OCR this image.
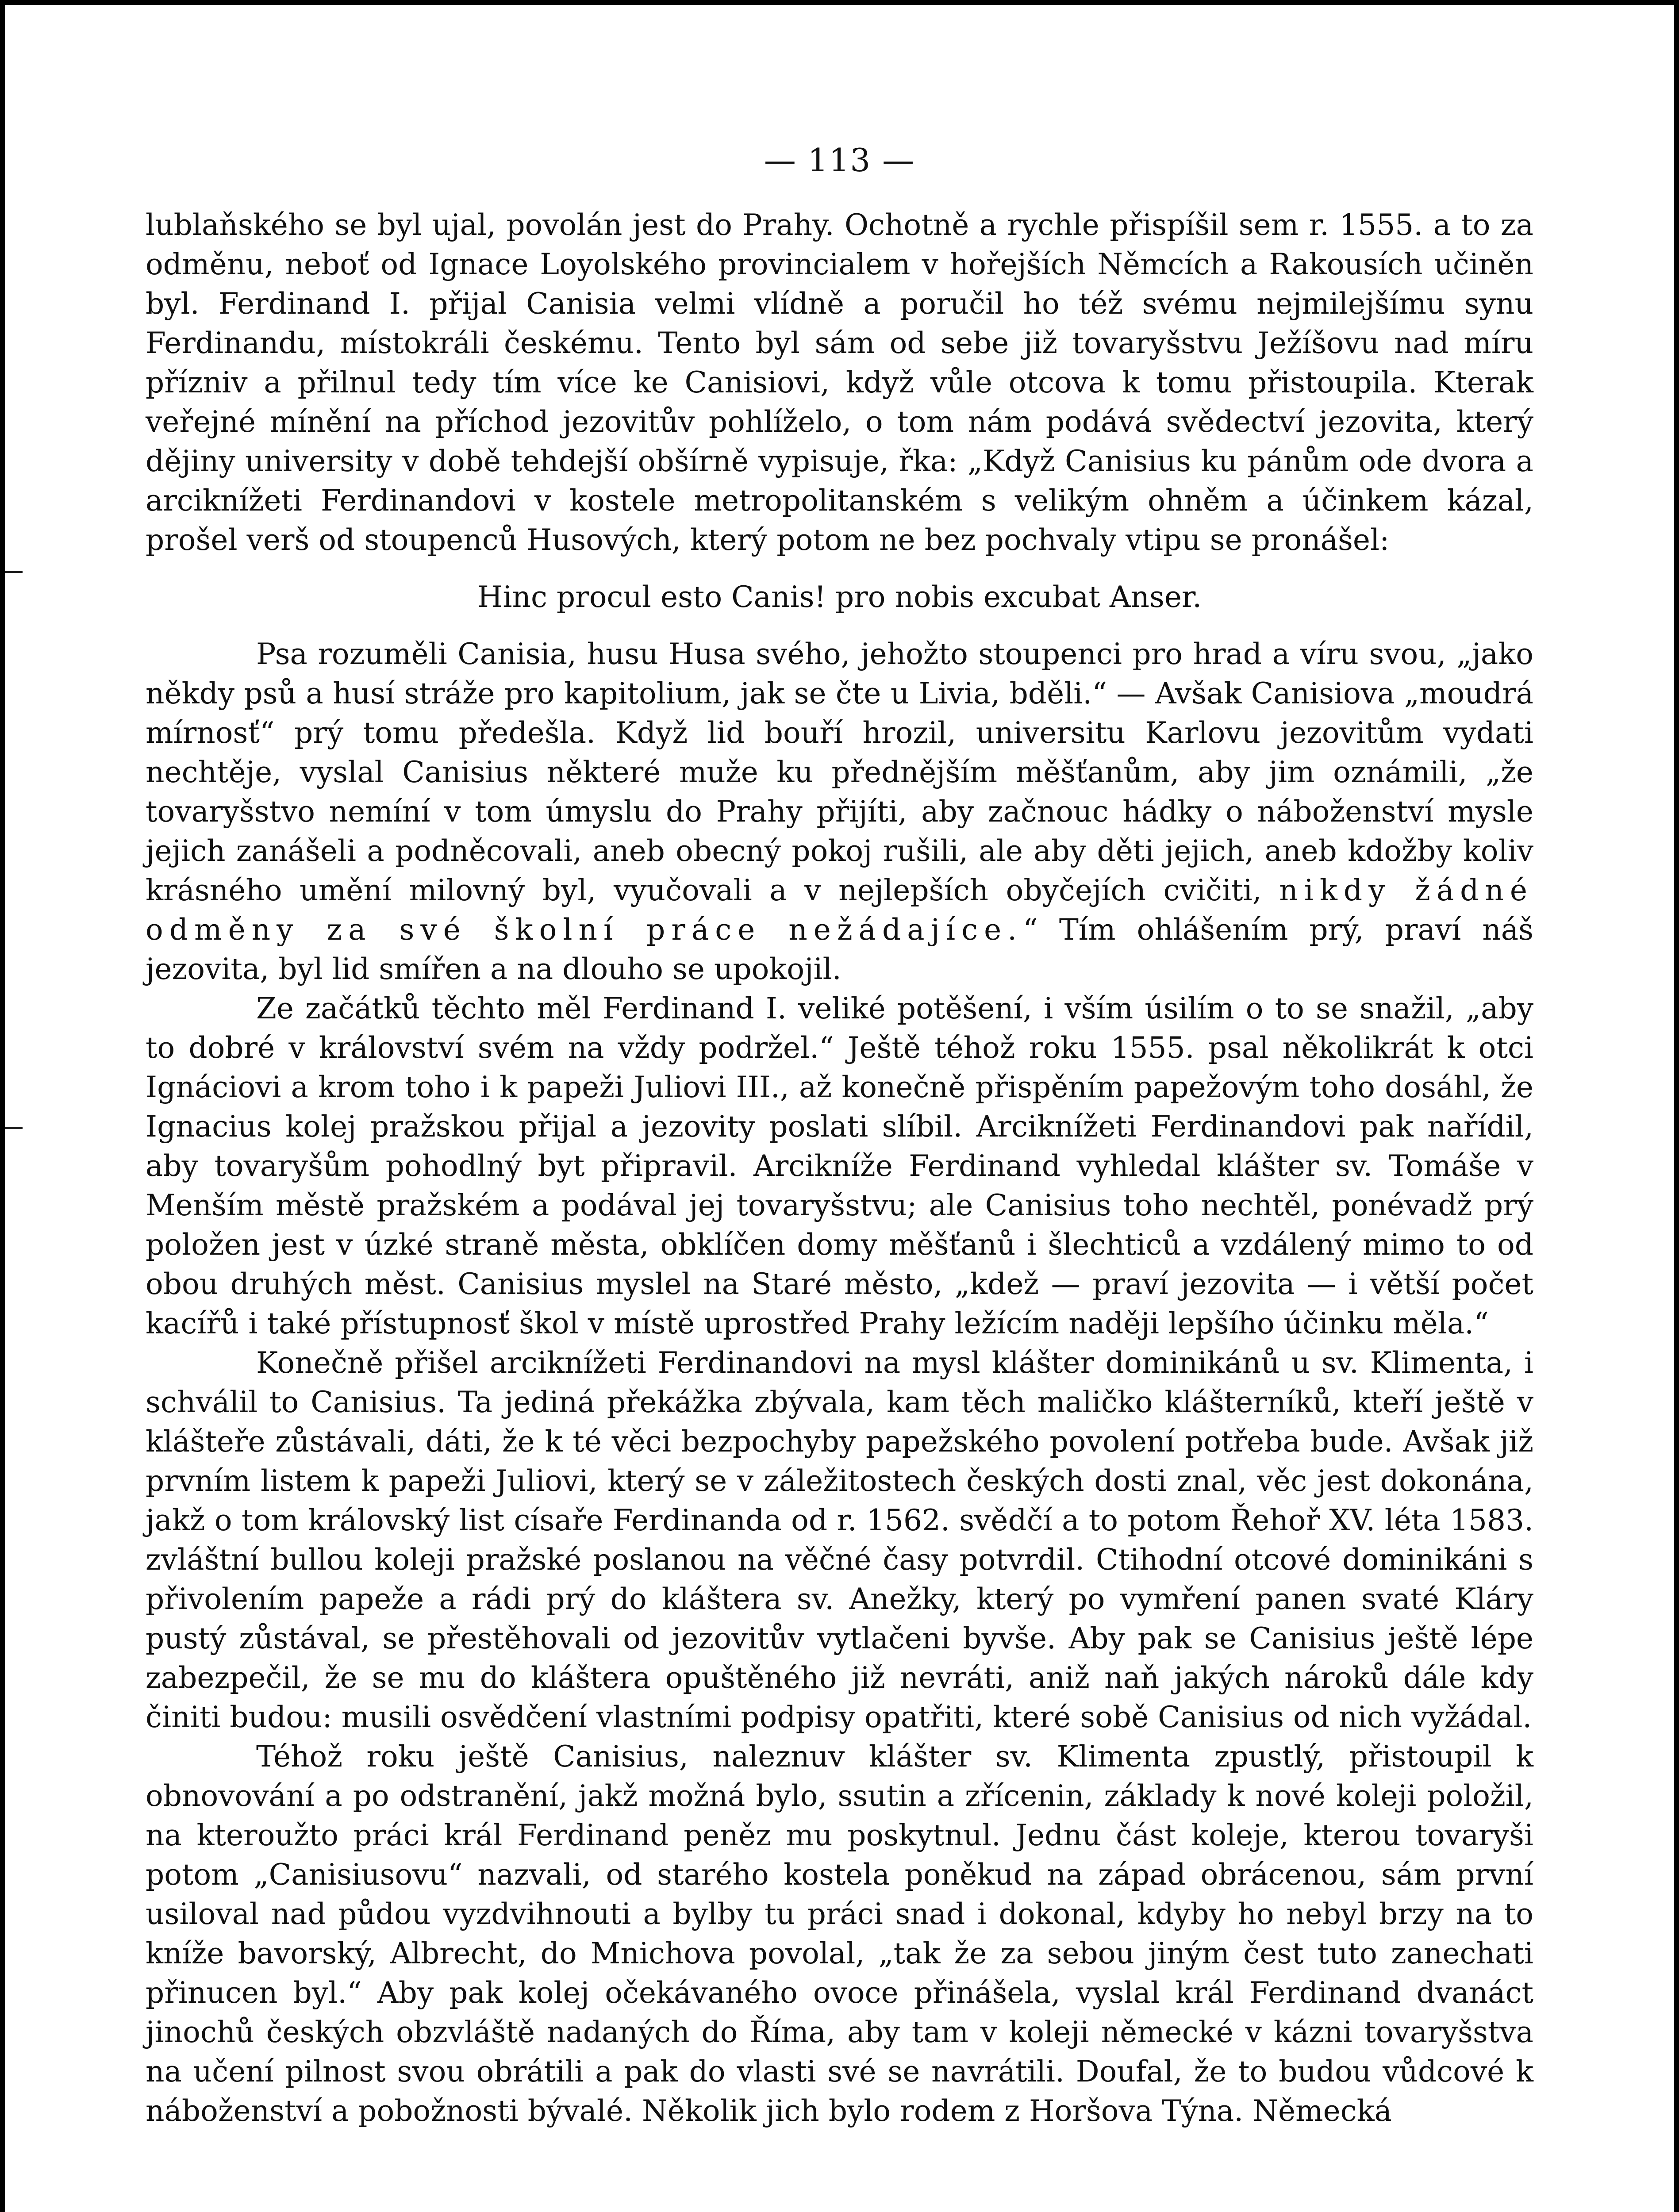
— 113 —

lublaňského se byl ujal, povolán jest do Prahy. Ochotně a rychle přispíšil sem r. 1555. a to za odměnu, neboť od Ignace Loyolského provincialem v hořejších Němcích a Rakousích učiněn byl. Ferdinand I. přijal Canisia velmi vlídně a poručil ho též svému nejmilejšímu synu Ferdinandu, místokráli českému. Tento byl sám od sebe již tovaryšstvu Ježíšovu nad míru přízniv a přilnul tedy tím více ke Canisiovi, když vůle otcova k tomu přistoupila. Kterak veřejné mínění na příchod jezovitův pohlíželo, o tom nám podává svědectví jezovita, který dějiny university v době tehdejší obšírně vypisuje, řka: „Když Canisius ku pánům ode dvora a arciknížeti Ferdinandovi v kostele metropolitanském s velikým ohněm a účinkem kázal, prošel verš od stoupenců Husových, který potom ne bez pochvaly vtipu se pronášel:

Hinc procul esto Canis! pro nobis excubat Anser.

Psa rozuměli Canisia, husu Husa svého, jehožto stoupenci pro hrad a víru svou, „jako někdy psů a husí stráže pro kapitolium, jak se čte u Livia, bděli.“ — Avšak Canisiova „moudrá mírnosť“ prý tomu předešla. Když lid bouří hrozil, universitu Karlovu jezovitům vydati nechtěje, vyslal Canisius některé muže ku přednějším měšťanům, aby jim oznámili, „že tovaryšstvo nemíní v tom úmyslu do Prahy přijíti, aby začnouc hádky o náboženství mysle jejich zanášeli a podněcovali, aneb obecný pokoj rušili, ale aby děti jejich, aneb kdožby koliv krásného umění milovný byl, vyučovali a v nejlepších obyčejích cvičiti, nikdy žádné odměny za své školní práce nežádajíce.“ Tím ohlášením prý, praví náš jezovita, byl lid smířen a na dlouho se upokojil.

Ze začátků těchto měl Ferdinand I. veliké potěšení, i vším úsilím o to se snažil, „aby to dobré v království svém na vždy podržel.“ Ještě téhož roku 1555. psal několikrát k otci Ignáciovi a krom toho i k papeži Juliovi III., až konečně přispěním papežovým toho dosáhl, že Ignacius kolej pražskou přijal a jezovity poslati slíbil. Arciknížeti Ferdinandovi pak nařídil, aby tovaryšům pohodlný byt připravil. Arcikníže Ferdinand vyhledal klášter sv. Tomáše v Menším městě pražském a podával jej tovaryšstvu; ale Canisius toho nechtěl, ponévadž prý položen jest v úzké straně města, obklíčen domy měšťanů i šlechticů a vzdálený mimo to od obou druhých měst. Canisius myslel na Staré město, „kdež — praví jezovita — i větší počet kacířů i také přístupnosť škol v místě uprostřed Prahy ležícím naději lepšího účinku měla.“

Konečně přišel arciknížeti Ferdinandovi na mysl klášter dominikánů u sv. Klimenta, i schválil to Canisius. Ta jediná překážka zbývala, kam těch maličko klášterníků, kteří ještě v klášteře zůstávali, dáti, že k té věci bezpochyby papežského povolení potřeba bude. Avšak již prvním listem k papeži Juliovi, který se v záležitostech českých dosti znal, věc jest dokonána, jakž o tom královský list císaře Ferdinanda od r. 1562. svědčí a to potom Řehoř XV. léta 1583. zvláštní bullou koleji pražské poslanou na věčné časy potvrdil. Ctihodní otcové dominikáni s přivolením papeže a rádi prý do kláštera sv. Anežky, který po vymření panen svaté Kláry pustý zůstával, se přestěhovali od jezovitův vytlačeni byvše. Aby pak se Canisius ještě lépe zabezpečil, že se mu do kláštera opuštěného již nevráti, aniž naň jakých nároků dále kdy činiti budou: musili osvědčení vlastními podpisy opatřiti, které sobě Canisius od nich vyžádal.

Téhož roku ještě Canisius, naleznuv klášter sv. Klimenta zpustlý, přistoupil k obnovování a po odstranění, jakž možná bylo, ssutin a zřícenin, základy k nové koleji položil, na kteroužto práci král Ferdinand peněz mu poskytnul. Jednu část koleje, kterou tovaryši potom „Canisiusovu“ nazvali, od starého kostela poněkud na západ obrácenou, sám první usiloval nad půdou vyzdvihnouti a bylby tu práci snad i dokonal, kdyby ho nebyl brzy na to kníže bavorský, Albrecht, do Mnichova povolal, „tak že za sebou jiným čest tuto zanechati přinucen byl.“ Aby pak kolej očekávaného ovoce přinášela, vyslal král Ferdinand dvanáct jinochů českých obzvláště nadaných do Říma, aby tam v koleji německé v kázni tovaryšstva na učení pilnost svou obrátili a pak do vlasti své se navrátili. Doufal, že to budou vůdcové k náboženství a pobožnosti bývalé. Několik jich bylo rodem z Horšova Týna. Německá
